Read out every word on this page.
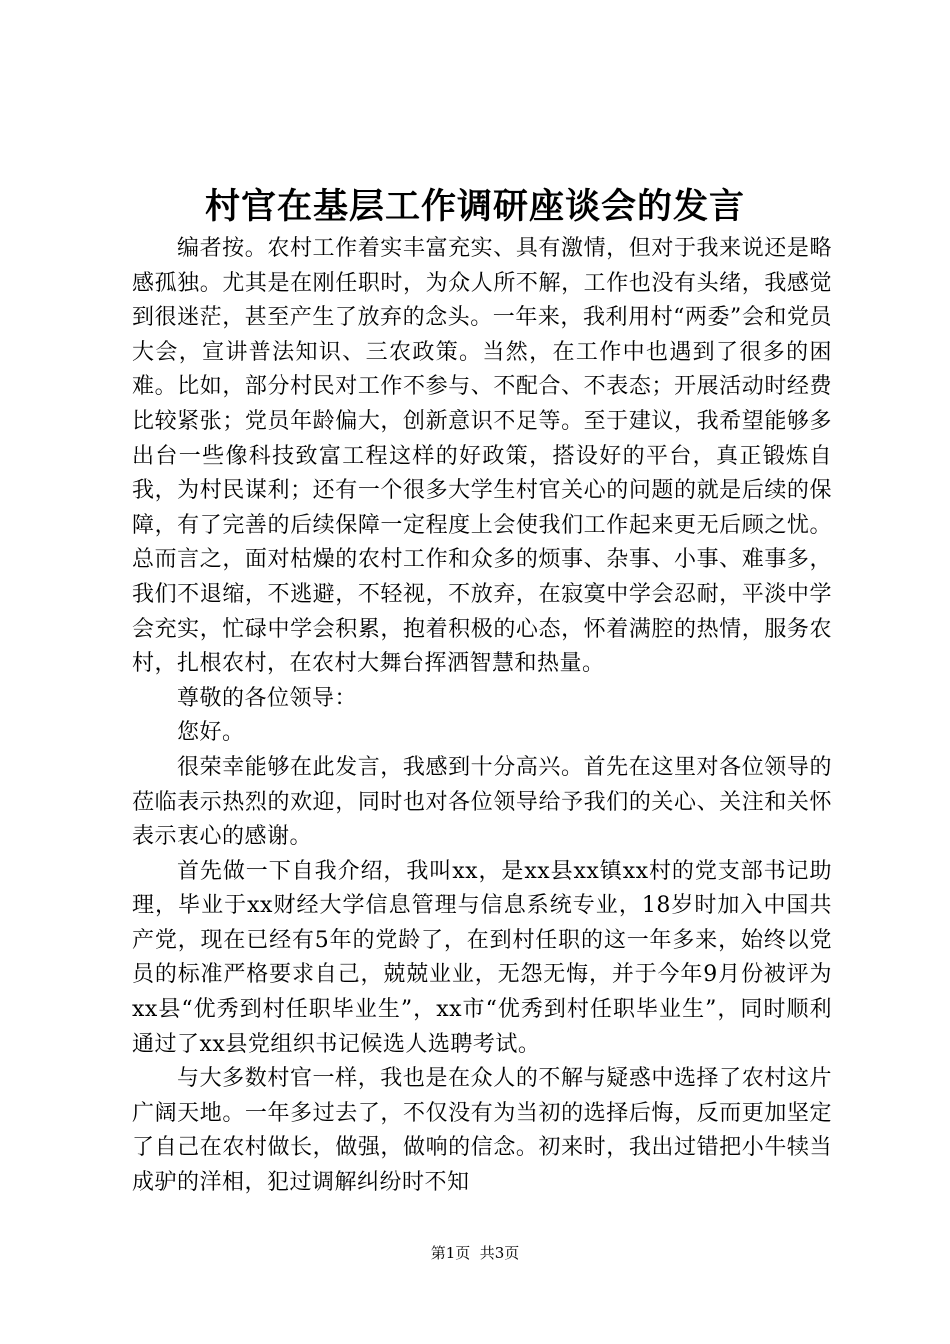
村官在基层工作调研座谈会的发言

编者按。农村工作着实丰富充实、具有激情，但对于我来说还是略感孤独。尤其是在刚任职时，为众人所不解，工作也没有头绪，我感觉到很迷茫，甚至产生了放弃的念头。一年来，我利用村“两委”会和党员大会，宣讲普法知识、三农政策。当然，在工作中也遇到了很多的困难。比如，部分村民对工作不参与、不配合、不表态；开展活动时经费比较紧张；党员年龄偏大，创新意识不足等。至于建议，我希望能够多出台一些像科技致富工程这样的好政策，搭设好的平台，真正锻炼自我，为村民谋利；还有一个很多大学生村官关心的问题的就是后续的保障，有了完善的后续保障一定程度上会使我们工作起来更无后顾之忧。总而言之，面对枯燥的农村工作和众多的烦事、杂事、小事、难事多，我们不退缩，不逃避，不轻视，不放弃，在寂寞中学会忍耐，平淡中学会充实，忙碌中学会积累，抱着积极的心态，怀着满腔的热情，服务农村，扎根农村，在农村大舞台挥洒智慧和热量。

尊敬的各位领导：

您好。

很荣幸能够在此发言，我感到十分高兴。首先在这里对各位领导的莅临表示热烈的欢迎，同时也对各位领导给予我们的关心、关注和关怀表示衷心的感谢。

首先做一下自我介绍，我叫xx，是xx县xx镇xx村的党支部书记助理，毕业于xx财经大学信息管理与信息系统专业，18岁时加入中国共产党，现在已经有5年的党龄了，在到村任职的这一年多来，始终以党员的标准严格要求自己，兢兢业业，无怨无悔，并于今年9月份被评为xx县“优秀到村任职毕业生”，xx市“优秀到村任职毕业生”，同时顺利通过了xx县党组织书记候选人选聘考试。

与大多数村官一样，我也是在众人的不解与疑惑中选择了农村这片广阔天地。一年多过去了，不仅没有为当初的选择后悔，反而更加坚定了自己在农村做长，做强，做响的信念。初来时，我出过错把小牛犊当成驴的洋相，犯过调解纠纷时不知

第1页  共3页
